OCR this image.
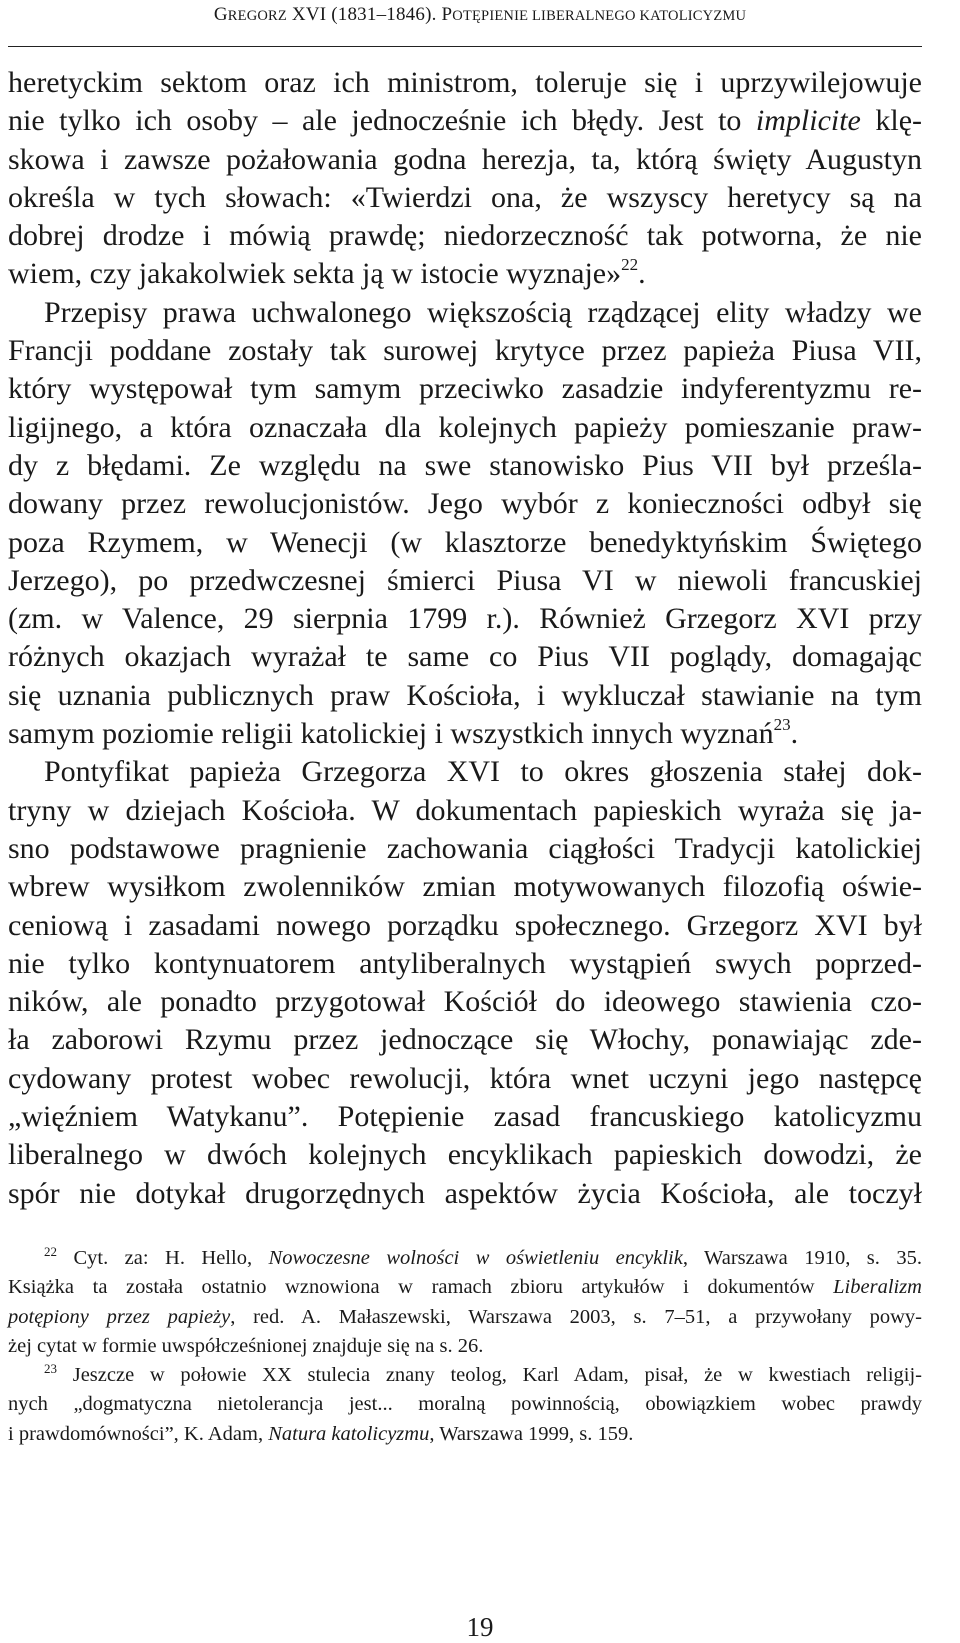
GREGORZ XVI (1831–1846). POTĘPIENIE LIBERALNEGO KATOLICYZMU
heretyckim sektom oraz ich ministrom, toleruje się i uprzywilejowuje
nie tylko ich osoby – ale jednocześnie ich błędy. Jest to implicite klę-
skowa i zawsze pożałowania godna herezja, ta, którą święty Augustyn
określa w tych słowach: «Twierdzi ona, że wszyscy heretycy są na
dobrej drodze i mówią prawdę; niedorzeczność tak potworna, że nie
wiem, czy jakakolwiek sekta ją w istocie wyznaje»$^{22}$.
Przepisy prawa uchwalonego większością rządzącej elity władzy we
Francji poddane zostały tak surowej krytyce przez papieża Piusa VII,
który występował tym samym przeciwko zasadzie indyferentyzmu re-
ligijnego, a która oznaczała dla kolejnych papieży pomieszanie praw-
dy z błędami. Ze względu na swe stanowisko Pius VII był prześla-
dowany przez rewolucjonistów. Jego wybór z konieczności odbył się
poza Rzymem, w Wenecji (w klasztorze benedyktyńskim Świętego
Jerzego), po przedwczesnej śmierci Piusa VI w niewoli francuskiej
(zm. w Valence, 29 sierpnia 1799 r.). Również Grzegorz XVI przy
różnych okazjach wyrażał te same co Pius VII poglądy, domagając
się uznania publicznych praw Kościoła, i wykluczał stawianie na tym
samym poziomie religii katolickiej i wszystkich innych wyznań$^{23}$.
Pontyfikat papieża Grzegorza XVI to okres głoszenia stałej dok-
tryny w dziejach Kościoła. W dokumentach papieskich wyraża się ja-
sno podstawowe pragnienie zachowania ciągłości Tradycji katolickiej
wbrew wysiłkom zwolenników zmian motywowanych filozofią oświe-
ceniową i zasadami nowego porządku społecznego. Grzegorz XVI był
nie tylko kontynuatorem antyliberalnych wystąpień swych poprzed-
ników, ale ponadto przygotował Kościół do ideowego stawienia czo-
ła zaborowi Rzymu przez jednoczące się Włochy, ponawiając zde-
cydowany protest wobec rewolucji, która wnet uczyni jego następcę
„więźniem Watykanu”. Potępienie zasad francuskiego katolicyzmu
liberalnego w dwóch kolejnych encyklikach papieskich dowodzi, że
spór nie dotykał drugorzędnych aspektów życia Kościoła, ale toczył
$^{22}$ Cyt. za: H. Hello, Nowoczesne wolności w oświetleniu encyklik, Warszawa 1910, s. 35.
Książka ta została ostatnio wznowiona w ramach zbioru artykułów i dokumentów Liberalizm
potępiony przez papieży, red. A. Małaszewski, Warszawa 2003, s. 7–51, a przywołany powy-
żej cytat w formie uwspółcześnionej znajduje się na s. 26.
$^{23}$ Jeszcze w połowie XX stulecia znany teolog, Karl Adam, pisał, że w kwestiach religij-
nych „dogmatyczna nietolerancja jest... moralną powinnością, obowiązkiem wobec prawdy
i prawdomówności”, K. Adam, Natura katolicyzmu, Warszawa 1999, s. 159.
19
